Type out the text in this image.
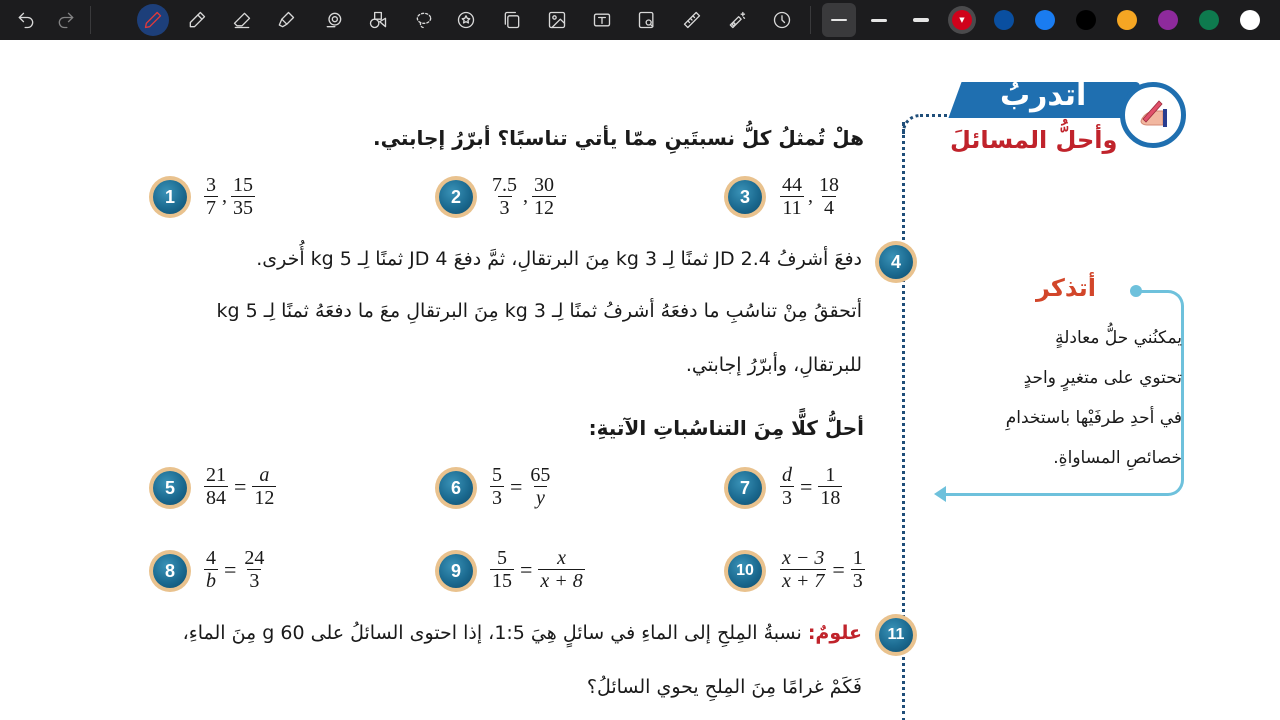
▼
أَتدربُ
وأحلُّ المسائلَ
هلْ تُمثلُ كلُّ نسبتَينِ ممّا يأتي تناسبًا؟ أبرّرُ إجابتي.
1	$\frac{3}{7}$ , $\frac{15}{35}$	2	$\frac{7.5}{3}$ , $\frac{30}{12}$	3	$\frac{44}{11}$ , $\frac{18}{4}$
4
دفعَ أشرفُ JD 2.4 ثمنًا لِـ 3 kg مِنَ البرتقالِ، ثمَّ دفعَ JD 4 ثمنًا لِـ 5 kg أُخرى.
أتحققُ مِنْ تناسُبِ ما دفعَهُ أشرفُ ثمنًا لِـ 3 kg مِنَ البرتقالِ معَ ما دفعَهُ ثمنًا لِـ 5 kg
للبرتقالِ، وأبرّرُ إجابتي.
أحلُّ كلًّا مِنَ التناسُباتِ الآتيةِ:
5	$\frac{21}{84} = \frac{a}{12}$	6	$\frac{5}{3} = \frac{65}{y}$	7	$\frac{d}{3} = \frac{1}{18}$
8	$\frac{4}{b} = \frac{24}{3}$	9	$\frac{5}{15} = \frac{x}{x + 8}$	10	$\frac{x - 3}{x + 7} = \frac{1}{3}$
11
علومٌ: نسبةُ المِلحِ إلى الماءِ في سائلٍ هِيَ 1:5، إذا احتوى السائلُ على 60 g مِنَ الماءِ،
فَكَمْ غرامًا مِنَ المِلحِ يحوي السائلُ؟
أتذكر
يمكنُني حلُّ معادلةٍ
تحتوي على متغيرٍ واحدٍ
في أحدِ طرفَيْها باستخدامِ
خصائصِ المساواةِ.
